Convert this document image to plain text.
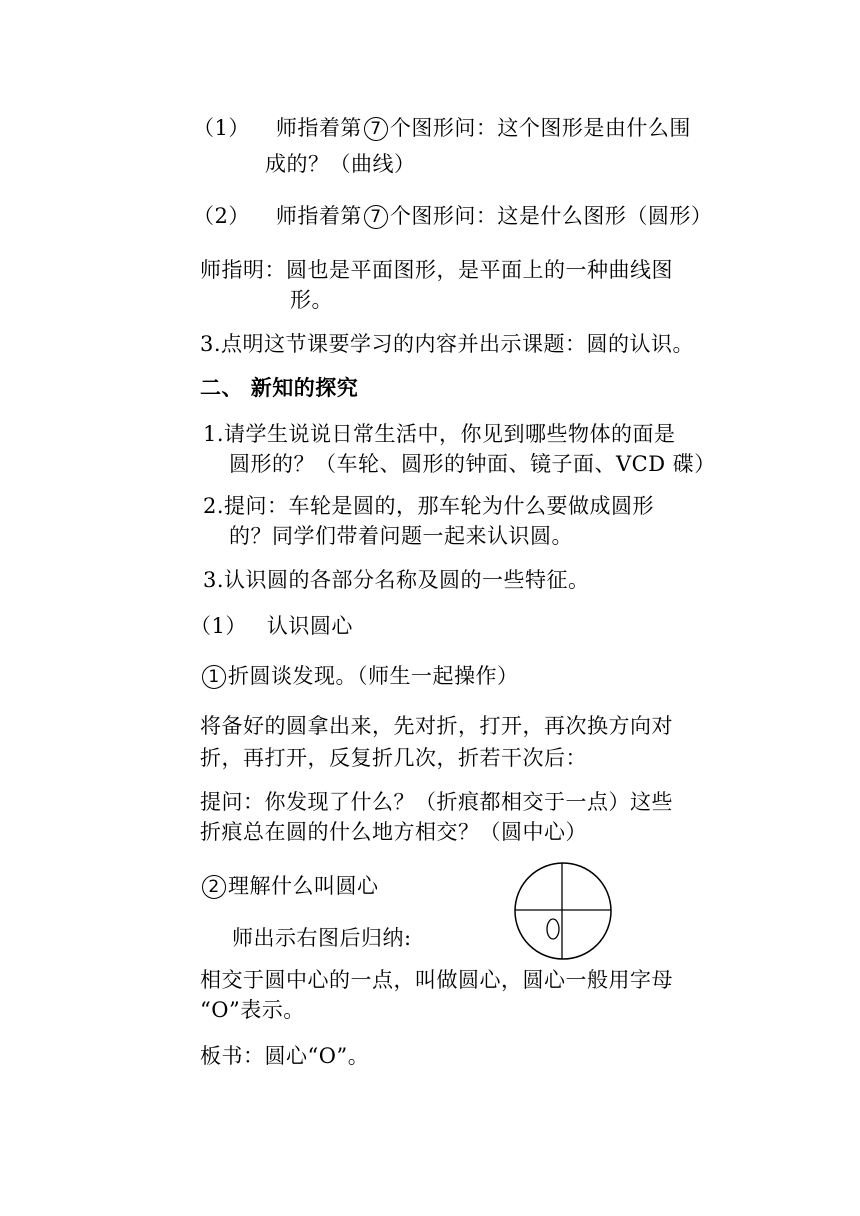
（1） 师指着第 7 个图形问：这个图形是由什么围
成的？（曲线）
（2） 师指着第 7 个图形问：这是什么图形（圆形）
师指明：圆也是平面图形，是平面上的一种曲线图
形。
3.点明这节课要学习的内容并出示课题：圆的认识。
二、 新知的探究
1.请学生说说日常生活中，你见到哪些物体的面是
圆形的？（车轮、圆形的钟面、镜子面、VCD 碟）
2.提问：车轮是圆的，那车轮为什么要做成圆形
的？同学们带着问题一起来认识圆。
3.认识圆的各部分名称及圆的一些特征。
（1） 认识圆心
1 折圆谈发现。（师生一起操作）
将备好的圆拿出来，先对折，打开，再次换方向对
折，再打开，反复折几次，折若干次后：
提问：你发现了什么？（折痕都相交于一点）这些
折痕总在圆的什么地方相交？（圆中心）
2 理解什么叫圆心
师出示右图后归纳:
相交于圆中心的一点，叫做圆心，圆心一般用字母
“O”表示。
板书：圆心“O”。
